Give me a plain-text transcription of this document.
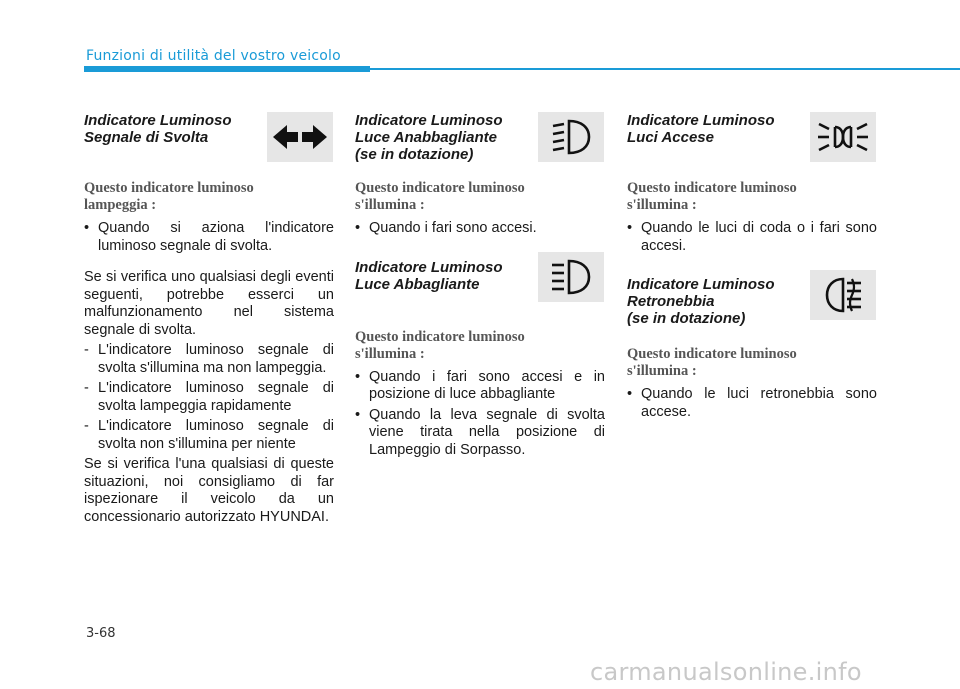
Funzioni di utilità del vostro veicolo

Indicatore Luminoso
Segnale di Svolta

Questo indicatore luminoso lampeggia :

• Quando si aziona l'indicatore luminoso segnale di svolta.

Se si verifica uno qualsiasi degli eventi seguenti, potrebbe esserci un malfunzionamento nel sistema segnale di svolta.

- L'indicatore luminoso segnale di svolta s'illumina ma non lampeggia.
- L'indicatore luminoso segnale di svolta lampeggia rapidamente
- L'indicatore luminoso segnale di svolta non s'illumina per niente

Se si verifica l'una qualsiasi di queste situazioni, noi consigliamo di far ispezionare il veicolo da un concessionario autorizzato HYUNDAI.

Indicatore Luminoso
Luce Anabbagliante
(se in dotazione)

Questo indicatore luminoso s'illumina :

• Quando i fari sono accesi.

Indicatore Luminoso
Luce Abbagliante

Questo indicatore luminoso s'illumina :

• Quando i fari sono accesi e in posizione di luce abbagliante
• Quando la leva segnale di svolta viene tirata nella posizione di Lampeggio di Sorpasso.

Indicatore Luminoso
Luci Accese

Questo indicatore luminoso s'illumina :

• Quando le luci di coda o i fari sono accesi.

Indicatore Luminoso
Retronebbia
(se in dotazione)

Questo indicatore luminoso s'illumina :

• Quando le luci retronebbia sono accese.
3-68
carmanualsonline.info
